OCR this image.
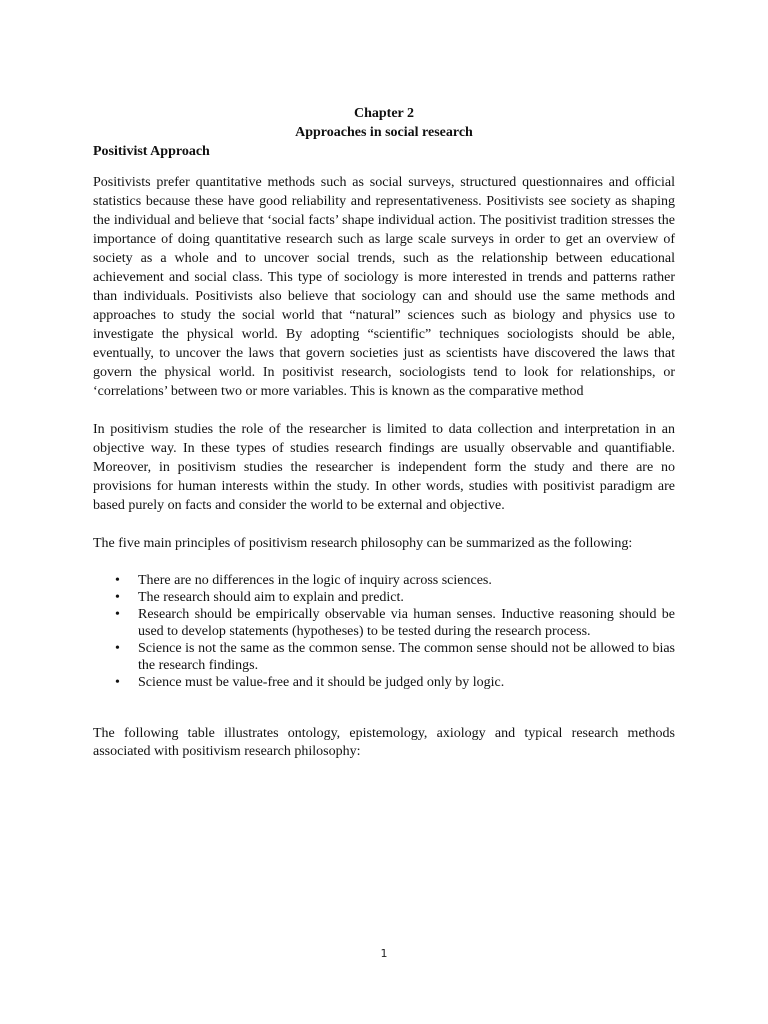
Chapter 2
Approaches in social research
Positivist Approach

Positivists prefer quantitative methods such as social surveys, structured questionnaires and official statistics because these have good reliability and representativeness. Positivists see society as shaping the individual and believe that ‘social facts’ shape individual action. The positivist tradition stresses the importance of doing quantitative research such as large scale surveys in order to get an overview of society as a whole and to uncover social trends, such as the relationship between educational achievement and social class. This type of sociology is more interested in trends and patterns rather than individuals. Positivists also believe that sociology can and should use the same methods and approaches to study the social world that “natural” sciences such as biology and physics use to investigate the physical world. By adopting “scientific” techniques sociologists should be able, eventually, to uncover the laws that govern societies just as scientists have discovered the laws that govern the physical world. In positivist research, sociologists tend to look for relationships, or ‘correlations’ between two or more variables. This is known as the comparative method

In positivism studies the role of the researcher is limited to data collection and interpretation in an objective way. In these types of studies research findings are usually observable and quantifiable. Moreover, in positivism studies the researcher is independent form the study and there are no provisions for human interests within the study. In other words, studies with positivist paradigm are based purely on facts and consider the world to be external and objective.

The five main principles of positivism research philosophy can be summarized as the following:

• There are no differences in the logic of inquiry across sciences.
• The research should aim to explain and predict.
• Research should be empirically observable via human senses. Inductive reasoning should be used to develop statements (hypotheses) to be tested during the research process.
• Science is not the same as the common sense. The common sense should not be allowed to bias the research findings.
• Science must be value-free and it should be judged only by logic.

The following table illustrates ontology, epistemology, axiology and typical research methods associated with positivism research philosophy:

1
